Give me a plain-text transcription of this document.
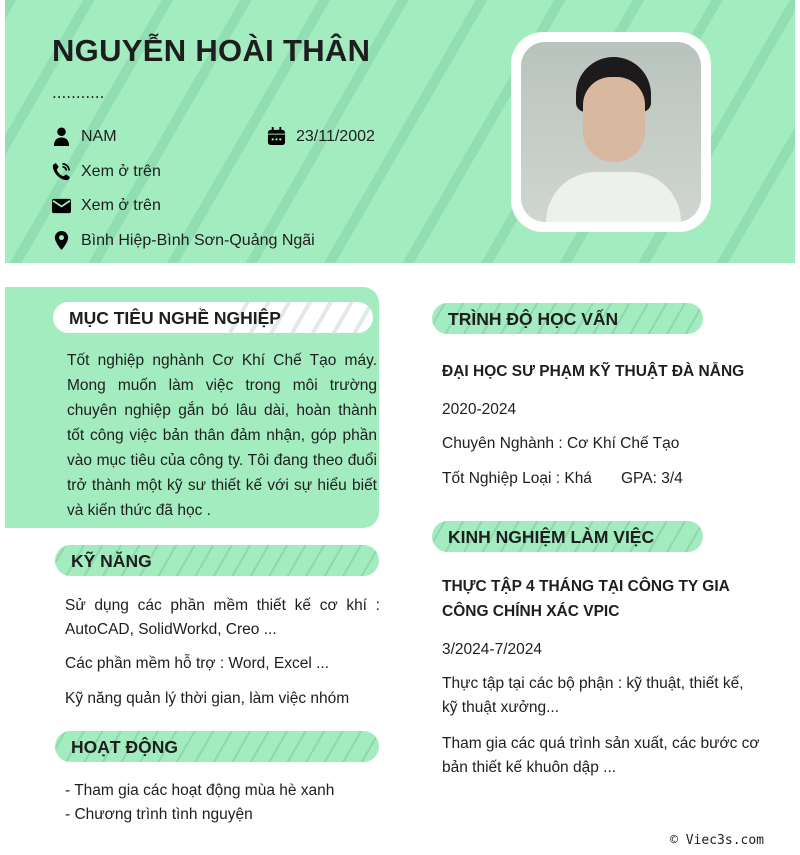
NGUYỄN HOÀI THÂN
...........
NAM	23/11/2002
Xem ở trên
Xem ở trên
Bình Hiệp-Bình Sơn-Quảng Ngãi
MỤC TIÊU NGHỀ NGHIỆP
Tốt nghiệp nghành Cơ Khí Chế Tạo máy. Mong muốn làm việc trong môi trường chuyên nghiệp gắn bó lâu dài, hoàn thành tốt công việc bản thân đảm nhận, góp phần vào mục tiêu của công ty. Tôi đang theo đuổi trở thành một kỹ sư thiết kế với sự hiểu biết và kiến thức đã học .
KỸ NĂNG
Sử dụng các phần mềm thiết kế cơ khí : AutoCAD, SolidWorkd, Creo ...
Các phần mềm hỗ trợ : Word, Excel ...
Kỹ năng quản lý thời gian, làm việc nhóm
HOẠT ĐỘNG
- Tham gia các hoạt động mùa hè xanh
- Chương trình tình nguyện
TRÌNH ĐỘ HỌC VẤN
ĐẠI HỌC SƯ PHẠM KỸ THUẬT ĐÀ NẴNG
2020-2024
Chuyên Nghành : Cơ Khí Chế Tạo
Tốt Nghiệp Loại : Khá GPA: 3/4
KINH NGHIỆM LÀM VIỆC
THỰC TẬP 4 THÁNG TẠI CÔNG TY GIA CÔNG CHÍNH XÁC VPIC
3/2024-7/2024
Thực tập tại các bộ phận : kỹ thuật, thiết kế, kỹ thuật xưởng...
Tham gia các quá trình sản xuất, các bước cơ bản thiết kế khuôn dập ...
© Viec3s.com
